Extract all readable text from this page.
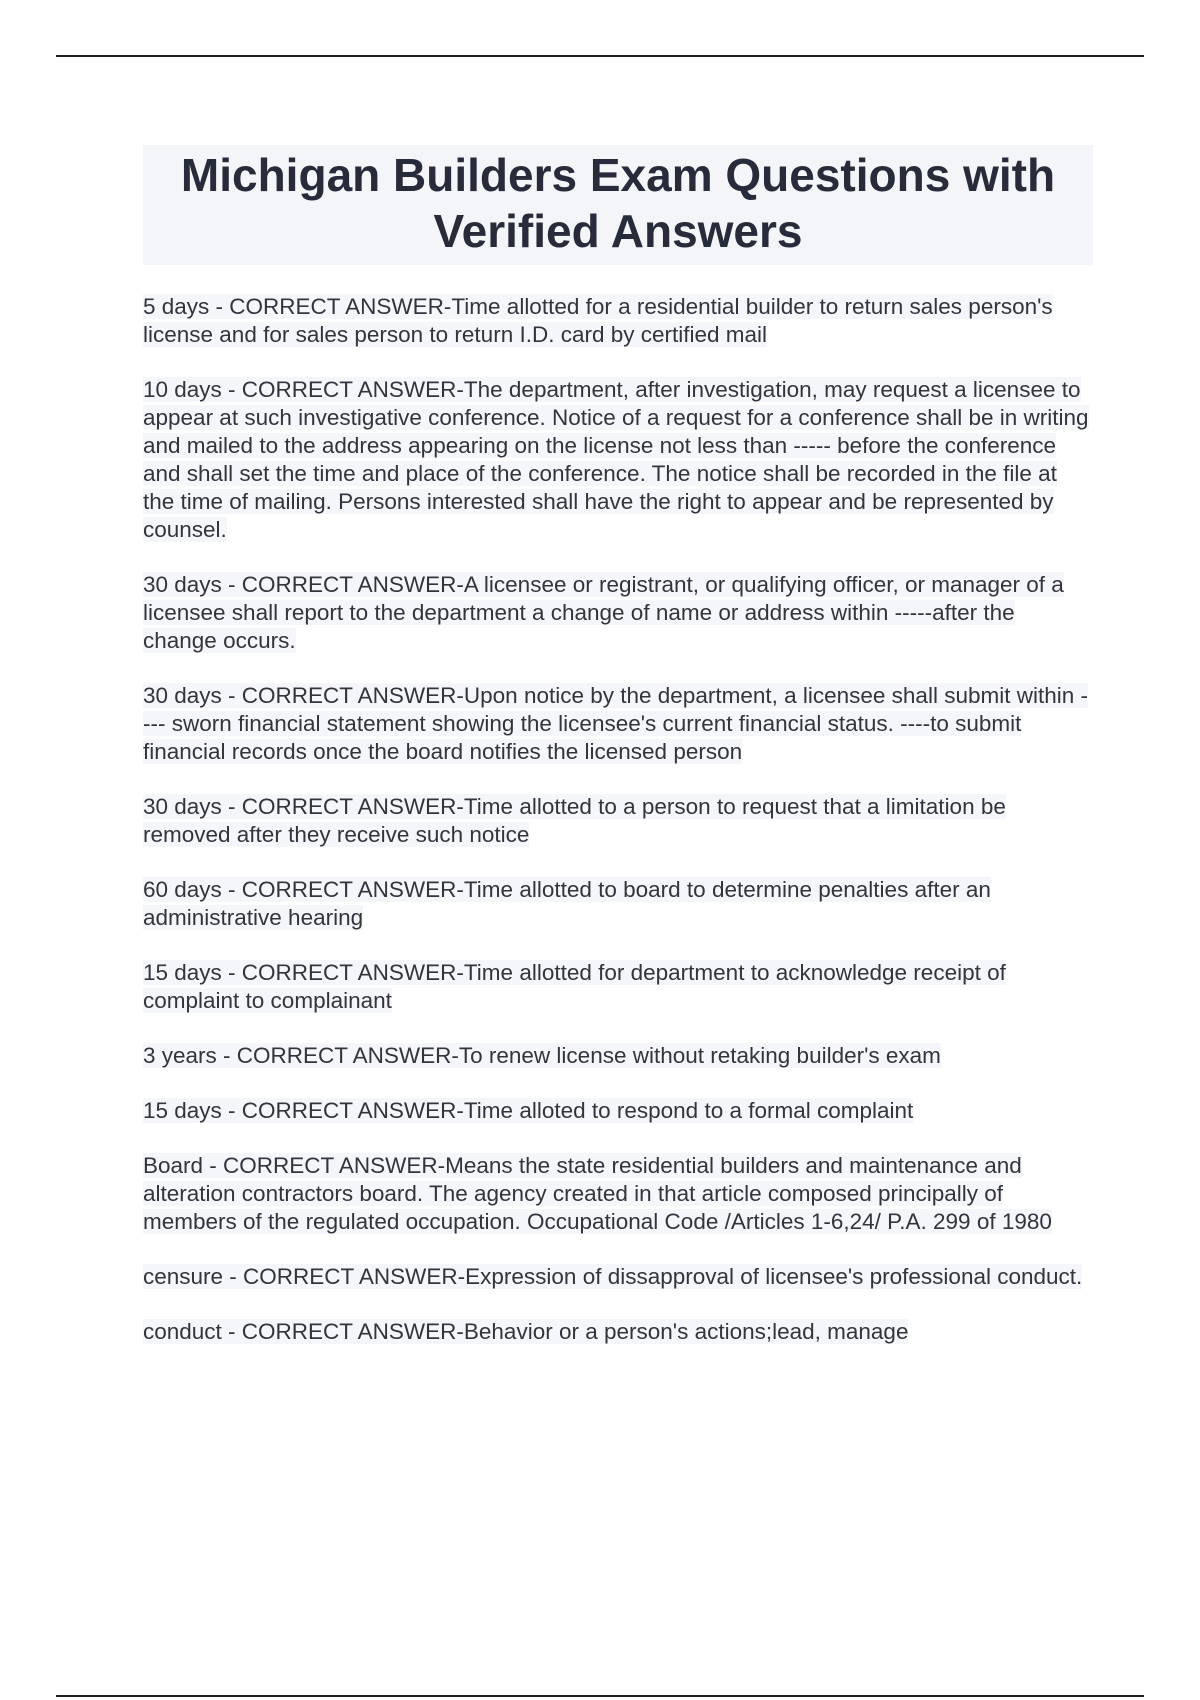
Michigan Builders Exam Questions with Verified Answers

5 days - CORRECT ANSWER-Time allotted for a residential builder to return sales person's license and for sales person to return I.D. card by certified mail

10 days - CORRECT ANSWER-The department, after investigation, may request a licensee to appear at such investigative conference. Notice of a request for a conference shall be in writing and mailed to the address appearing on the license not less than ----- before the conference and shall set the time and place of the conference. The notice shall be recorded in the file at the time of mailing. Persons interested shall have the right to appear and be represented by counsel.

30 days - CORRECT ANSWER-A licensee or registrant, or qualifying officer, or manager of a licensee shall report to the department a change of name or address within -----after the change occurs.

30 days - CORRECT ANSWER-Upon notice by the department, a licensee shall submit within ---- sworn financial statement showing the licensee's current financial status. ----to submit financial records once the board notifies the licensed person

30 days - CORRECT ANSWER-Time allotted to a person to request that a limitation be removed after they receive such notice

60 days - CORRECT ANSWER-Time allotted to board to determine penalties after an administrative hearing

15 days - CORRECT ANSWER-Time allotted for department to acknowledge receipt of complaint to complainant

3 years - CORRECT ANSWER-To renew license without retaking builder's exam

15 days - CORRECT ANSWER-Time alloted to respond to a formal complaint

Board - CORRECT ANSWER-Means the state residential builders and maintenance and alteration contractors board. The agency created in that article composed principally of members of the regulated occupation. Occupational Code /Articles 1-6,24/ P.A. 299 of 1980

censure - CORRECT ANSWER-Expression of dissapproval of licensee's professional conduct.

conduct - CORRECT ANSWER-Behavior or a person's actions;lead, manage
